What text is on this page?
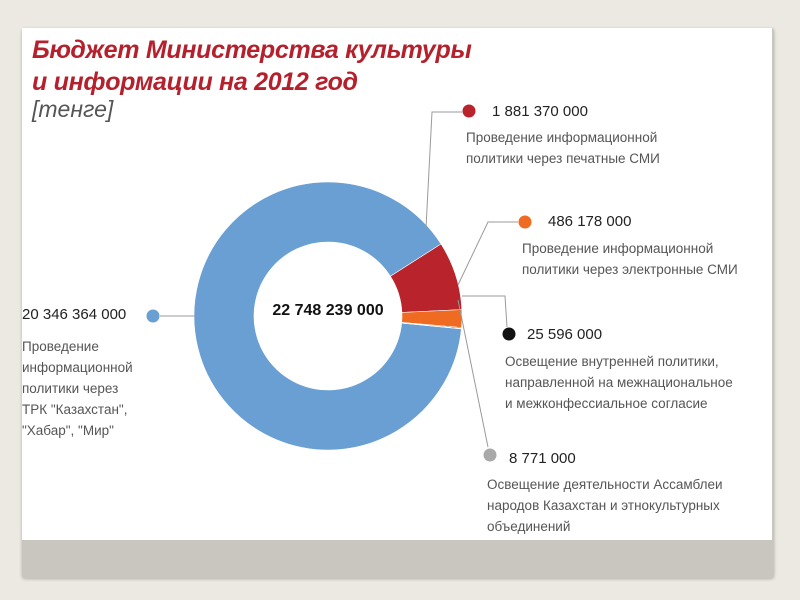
Бюджет Министерства культуры
и информации на 2012 год
[тенге]
22 748 239 000
20 346 364 000
Проведение
информационной
политики через
ТРК "Казахстан",
"Хабар", "Мир"
1 881 370 000
Проведение информационной
политики через печатные СМИ
486 178 000
Проведение информационной
политики через электронные СМИ
25 596 000
Освещение внутренней политики,
направленной на межнациональное
и межконфессиальное согласие
8 771 000
Освещение деятельности Ассамблеи
народов Казахстан и этнокультурных
объединений
